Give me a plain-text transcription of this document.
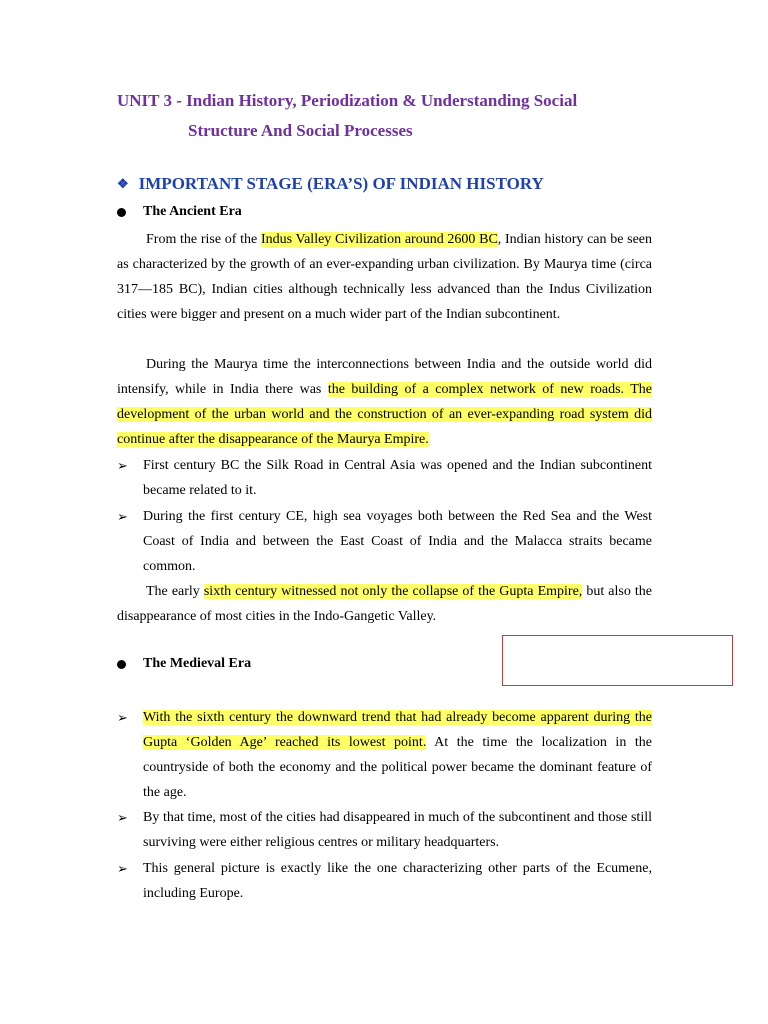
UNIT 3 - Indian History, Periodization & Understanding Social
Structure And Social Processes
❖ IMPORTANT STAGE (ERA’S) OF INDIAN HISTORY
The Ancient Era
From the rise of the Indus Valley Civilization around 2600 BC, Indian history can be seen as characterized by the growth of an ever-expanding urban civilization. By Maurya time (circa 317—185 BC), Indian cities although technically less advanced than the Indus Civilization cities were bigger and present on a much wider part of the Indian subcontinent.
During the Maurya time the interconnections between India and the outside world did intensify, while in India there was the building of a complex network of new roads. The development of the urban world and the construction of an ever-expanding road system did continue after the disappearance of the Maurya Empire.
➢	First century BC the Silk Road in Central Asia was opened and the Indian subcontinent became related to it.
➢	During the first century CE, high sea voyages both between the Red Sea and the West Coast of India and between the East Coast of India and the Malacca straits became common.
The early sixth century witnessed not only the collapse of the Gupta Empire, but also the disappearance of most cities in the Indo-Gangetic Valley.
The Medieval Era
➢	With the sixth century the downward trend that had already become apparent during the Gupta ‘Golden Age’ reached its lowest point. At the time the localization in the countryside of both the economy and the political power became the dominant feature of the age.
➢	By that time, most of the cities had disappeared in much of the subcontinent and those still surviving were either religious centres or military headquarters.
➢	This general picture is exactly like the one characterizing other parts of the Ecumene, including Europe.
